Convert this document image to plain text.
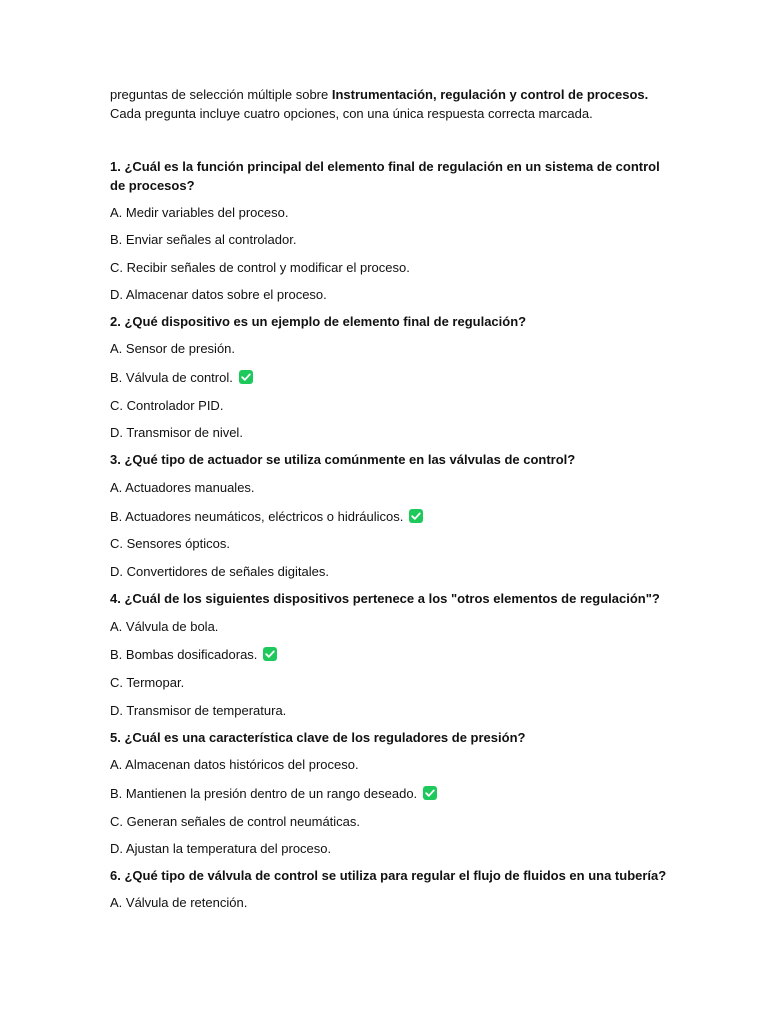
preguntas de selección múltiple sobre Instrumentación, regulación y control de procesos.
Cada pregunta incluye cuatro opciones, con una única respuesta correcta marcada.
1. ¿Cuál es la función principal del elemento final de regulación en un sistema de control de procesos?
A. Medir variables del proceso.
B. Enviar señales al controlador.
C. Recibir señales de control y modificar el proceso.
D. Almacenar datos sobre el proceso.
2. ¿Qué dispositivo es un ejemplo de elemento final de regulación?
A. Sensor de presión.
B. Válvula de control.
C. Controlador PID.
D. Transmisor de nivel.
3. ¿Qué tipo de actuador se utiliza comúnmente en las válvulas de control?
A. Actuadores manuales.
B. Actuadores neumáticos, eléctricos o hidráulicos.
C. Sensores ópticos.
D. Convertidores de señales digitales.
4. ¿Cuál de los siguientes dispositivos pertenece a los "otros elementos de regulación"?
A. Válvula de bola.
B. Bombas dosificadoras.
C. Termopar.
D. Transmisor de temperatura.
5. ¿Cuál es una característica clave de los reguladores de presión?
A. Almacenan datos históricos del proceso.
B. Mantienen la presión dentro de un rango deseado.
C. Generan señales de control neumáticas.
D. Ajustan la temperatura del proceso.
6. ¿Qué tipo de válvula de control se utiliza para regular el flujo de fluidos en una tubería?
A. Válvula de retención.
